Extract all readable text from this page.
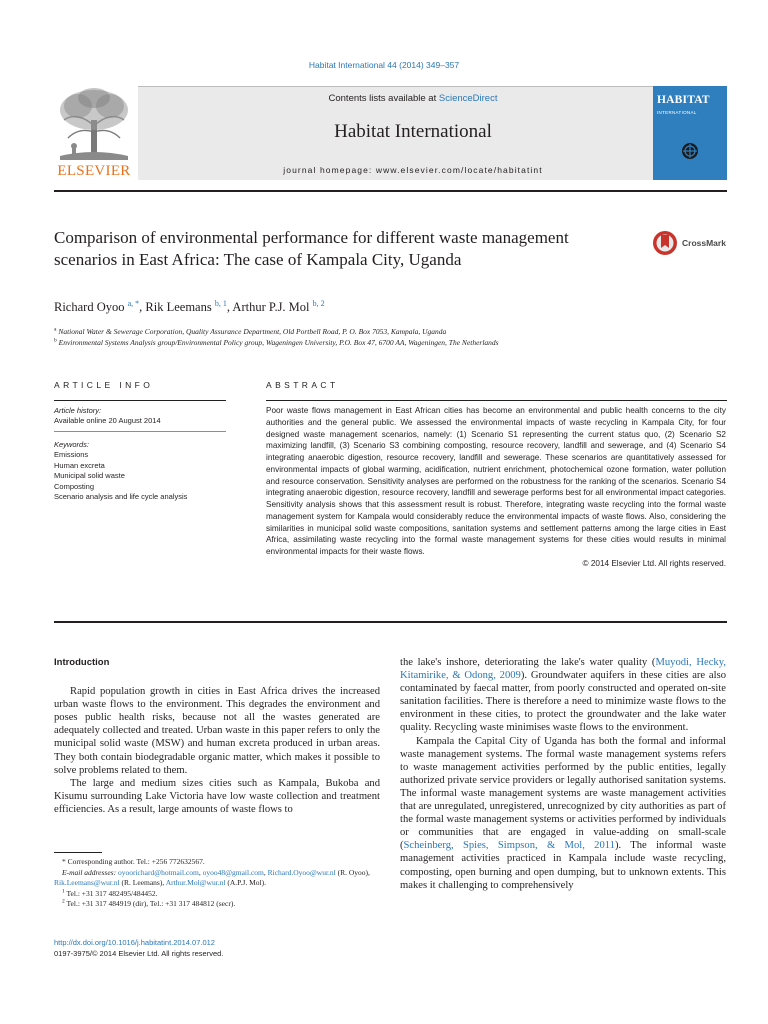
Habitat International 44 (2014) 349–357
ELSEVIER
Contents lists available at ScienceDirect
Habitat International
journal homepage: www.elsevier.com/locate/habitatint
HABITAT
INTERNATIONAL
Comparison of environmental performance for different waste management scenarios in East Africa: The case of Kampala City, Uganda
CrossMark
Richard Oyoo $^{a, *}$, Rik Leemans $^{b, 1}$, Arthur P.J. Mol $^{b, 2}$
$^a$ National Water & Sewerage Corporation, Quality Assurance Department, Old Portbell Road, P. O. Box 7053, Kampala, Uganda
$^b$ Environmental Systems Analysis group/Environmental Policy group, Wageningen University, P.O. Box 47, 6700 AA, Wageningen, The Netherlands
ARTICLE INFO	ABSTRACT
Article history:
Available online 20 August 2014
Keywords:
Emissions
Human excreta
Municipal solid waste
Composting
Scenario analysis and life cycle analysis
Poor waste flows management in East African cities has become an environmental and public health concerns to the city authorities and the general public. We assessed the environmental impacts of waste recycling in Kampala City, for four designed waste management scenarios, namely: (1) Scenario S1 representing the current status quo, (2) Scenario S2 maximizing landfill, (3) Scenario S3 combining composting, resource recovery, landfill and sewerage, and (4) Scenario S4 integrating anaerobic digestion, resource recovery, landfill and sewerage. These scenarios are quantitatively assessed for environmental impacts of global warming, acidification, nutrient enrichment, photochemical ozone formation, water pollution and resource conservation. Sensitivity analyses are performed on the robustness for the ranking of the scenarios. Scenario S4 integrating anaerobic digestion, resource recovery, landfill and sewerage performs best for all environmental impact categories. Sensitivity analysis shows that this assessment result is robust. Therefore, integrating waste recycling into the formal waste management system for Kampala would considerably reduce the environmental impacts of waste flows. Also, considering the similarities in municipal solid waste compositions, sanitation systems and settlement patterns among the large cities in East Africa, assimilating waste recycling into the formal waste management systems for these cities would results in minimal environmental impacts for their waste flows.
© 2014 Elsevier Ltd. All rights reserved.
Introduction

Rapid population growth in cities in East Africa drives the increased urban waste flows to the environment. This degrades the environment and poses public health risks, because not all the wastes generated are adequately collected and treated. Urban waste in this paper refers to only the municipal solid waste (MSW) and human excreta produced in urban areas. They both contain biodegradable organic matter, which makes it possible to solve problems related to them.

The large and medium sizes cities such as Kampala, Bukoba and Kisumu surrounding Lake Victoria have low waste collection and treatment efficiencies. As a result, large amounts of waste flows to

the lake's inshore, deteriorating the lake's water quality (Muyodi, Hecky, Kitamirike, & Odong, 2009). Groundwater aquifers in these cities are also contaminated by faecal matter, from poorly constructed and operated on-site sanitation facilities. There is therefore a need to minimize waste flows to the environment in these cities, to protect the groundwater and the lake water quality. Recycling waste minimises waste flows to the environment.

Kampala the Capital City of Uganda has both the formal and informal waste management systems. The formal waste management systems refers to waste management activities performed by the public entities, legally authorized private service providers or legally authorised sanitation systems. The informal waste management systems are waste management activities that are unregulated, unregistered, unrecognized by city authorities as part of the formal waste management systems or activities performed by individuals or communities that are engaged in value-adding on small-scale (Scheinberg, Spies, Simpson, & Mol, 2011). The informal waste management activities practiced in Kampala include waste recycling, composting, open burning and open dumping, but to unknown extents. This makes it challenging to comprehensively

* Corresponding author. Tel.: +256 772632567.
E-mail addresses: oyoorichard@hotmail.com, oyoo48@gmail.com, Richard.Oyoo@wur.nl (R. Oyoo), Rik.Leemans@wur.nl (R. Leemans), Arthur.Mol@wur.nl (A.P.J. Mol).
$^1$ Tel.: +31 317 482495/484452.
$^2$ Tel.: +31 317 484919 (dir), Tel.: +31 317 484812 (secr).
http://dx.doi.org/10.1016/j.habitatint.2014.07.012
0197-3975/© 2014 Elsevier Ltd. All rights reserved.
